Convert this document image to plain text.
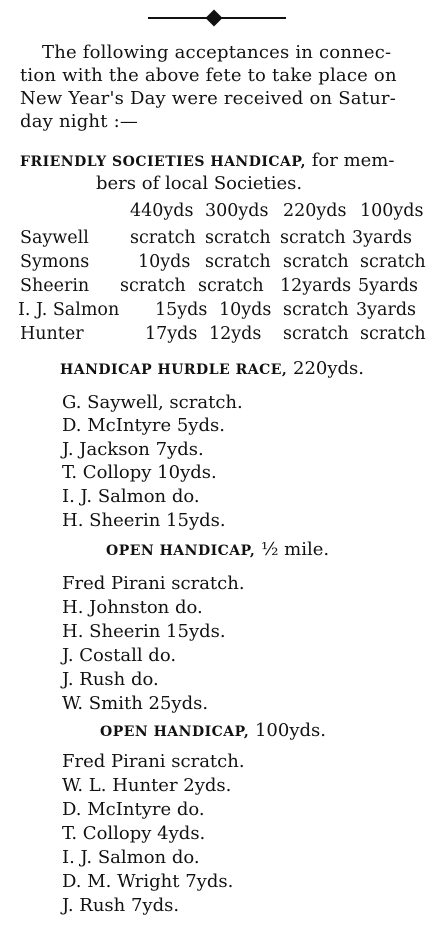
The following acceptances in connec-
tion with the above fete to take place on
New Year's Day were received on Satur-
day night :—
FRIENDLY SOCIETIES HANDICAP, for mem-
bers of local Societies.
440yds 300yds 220yds 100yds
Saywell scratch scratch scratch 3yards
Symons	10yds scratch scratch scratch
Sheerin scratch scratch 12yards 5yards
I. J. Salmon 15yds 10yds scratch 3yards
Hunter	17yds 12yds scratch scratch
HANDICAP HURDLE RACE, 220yds.
G. Saywell, scratch.
D. McIntyre 5yds.
J. Jackson 7yds.
T. Collopy 10yds.
I. J. Salmon do.
H. Sheerin 15yds.
OPEN HANDICAP, ½ mile.
Fred Pirani scratch.
H. Johnston do.
H. Sheerin 15yds.
J. Costall do.
J. Rush do.
W. Smith 25yds.
OPEN HANDICAP, 100yds.
Fred Pirani scratch.
W. L. Hunter 2yds.
D. McIntyre do.
T. Collopy 4yds.
I. J. Salmon do.
D. M. Wright 7yds.
J. Rush 7yds.
